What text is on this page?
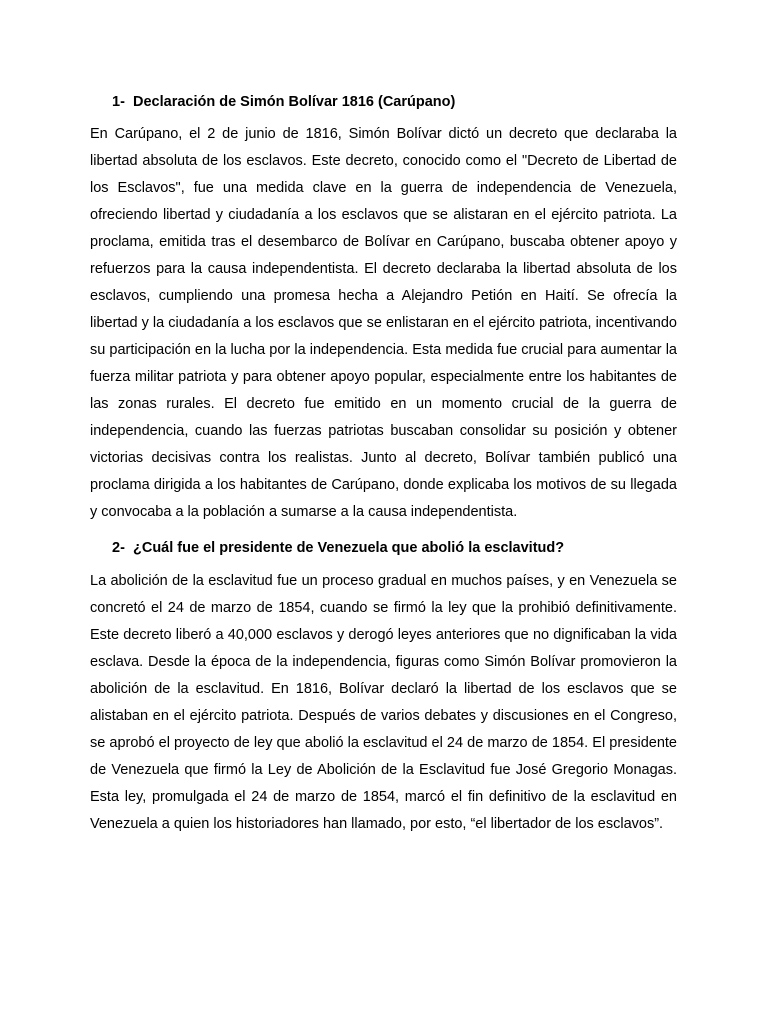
1- Declaración de Simón Bolívar 1816 (Carúpano)

En Carúpano, el 2 de junio de 1816, Simón Bolívar dictó un decreto que declaraba la libertad absoluta de los esclavos. Este decreto, conocido como el "Decreto de Libertad de los Esclavos", fue una medida clave en la guerra de independencia de Venezuela, ofreciendo libertad y ciudadanía a los esclavos que se alistaran en el ejército patriota. La proclama, emitida tras el desembarco de Bolívar en Carúpano, buscaba obtener apoyo y refuerzos para la causa independentista. El decreto declaraba la libertad absoluta de los esclavos, cumpliendo una promesa hecha a Alejandro Petión en Haití. Se ofrecía la libertad y la ciudadanía a los esclavos que se enlistaran en el ejército patriota, incentivando su participación en la lucha por la independencia. Esta medida fue crucial para aumentar la fuerza militar patriota y para obtener apoyo popular, especialmente entre los habitantes de las zonas rurales. El decreto fue emitido en un momento crucial de la guerra de independencia, cuando las fuerzas patriotas buscaban consolidar su posición y obtener victorias decisivas contra los realistas. Junto al decreto, Bolívar también publicó una proclama dirigida a los habitantes de Carúpano, donde explicaba los motivos de su llegada y convocaba a la población a sumarse a la causa independentista.

2- ¿Cuál fue el presidente de Venezuela que abolió la esclavitud?

La abolición de la esclavitud fue un proceso gradual en muchos países, y en Venezuela se concretó el 24 de marzo de 1854, cuando se firmó la ley que la prohibió definitivamente. Este decreto liberó a 40,000 esclavos y derogó leyes anteriores que no dignificaban la vida esclava. Desde la época de la independencia, figuras como Simón Bolívar promovieron la abolición de la esclavitud. En 1816, Bolívar declaró la libertad de los esclavos que se alistaban en el ejército patriota. Después de varios debates y discusiones en el Congreso, se aprobó el proyecto de ley que abolió la esclavitud el 24 de marzo de 1854. El presidente de Venezuela que firmó la Ley de Abolición de la Esclavitud fue José Gregorio Monagas. Esta ley, promulgada el 24 de marzo de 1854, marcó el fin definitivo de la esclavitud en Venezuela a quien los historiadores han llamado, por esto, “el libertador de los esclavos”.
